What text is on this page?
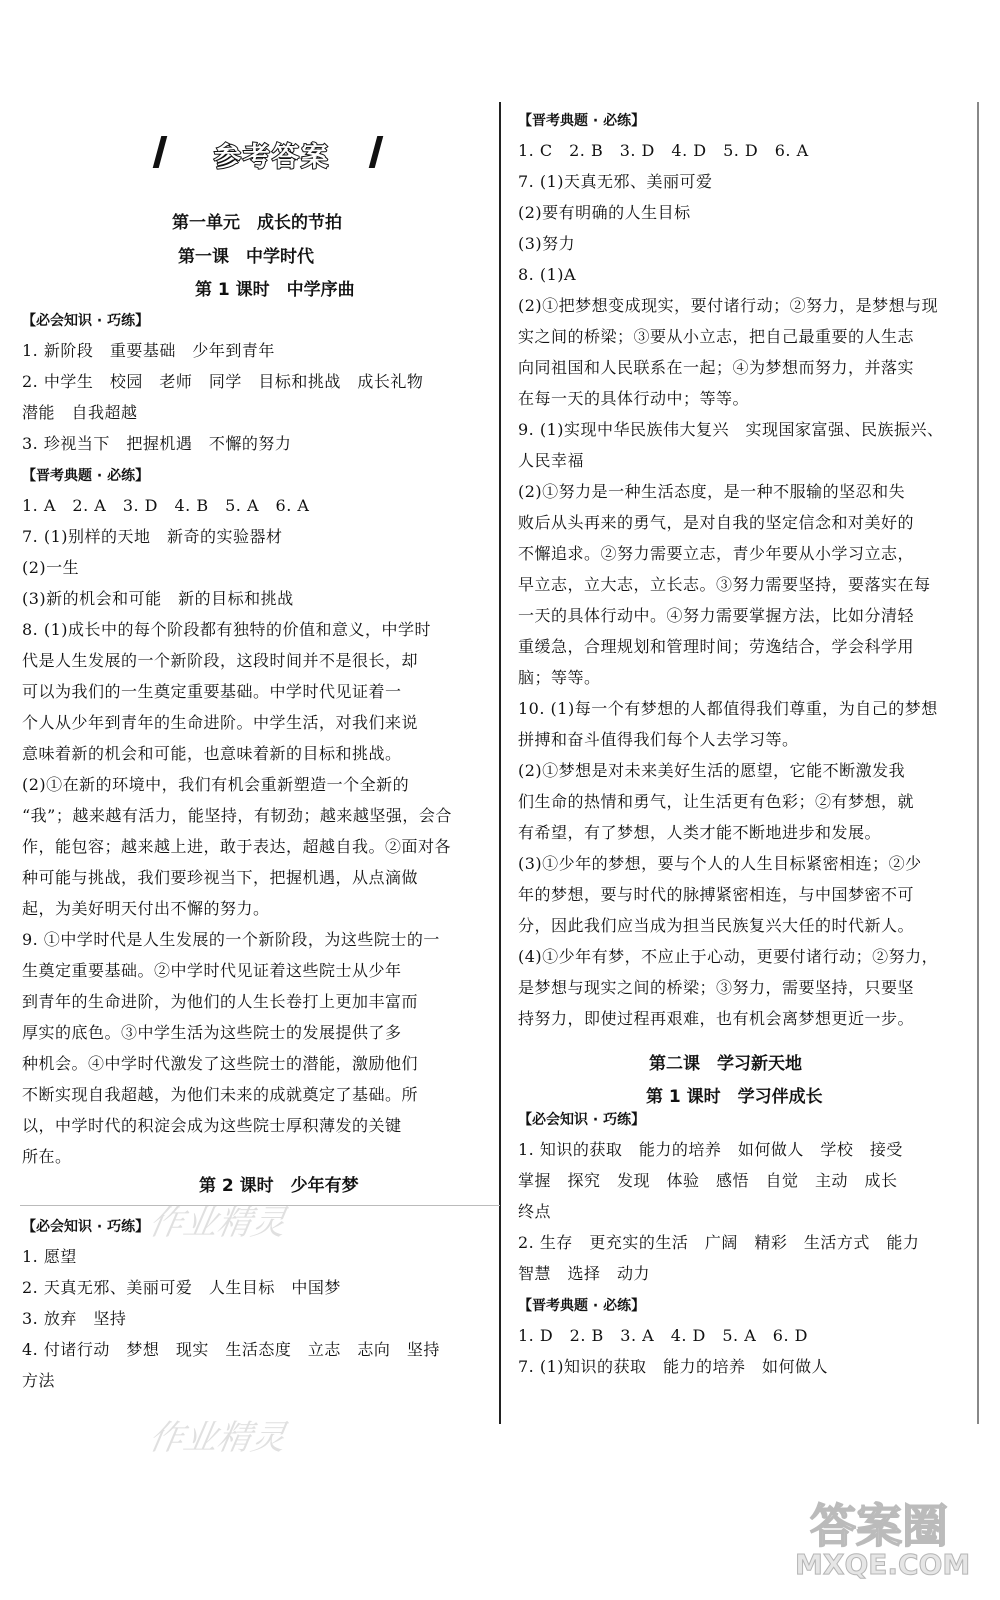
参考答案
第一单元　成长的节拍
第一课　中学时代
第 1 课时　中学序曲
【必会知识 · 巧练】
1. 新阶段　重要基础　少年到青年
2. 中学生　校园　老师　同学　目标和挑战　成长礼物
潜能　自我超越
3. 珍视当下　把握机遇　不懈的努力
【晋考典题 · 必练】
1. A　2. A　3. D　4. B　5. A　6. A
7. (1)别样的天地　新奇的实验器材
(2)一生
(3)新的机会和可能　新的目标和挑战
8. (1)成长中的每个阶段都有独特的价值和意义，中学时
代是人生发展的一个新阶段，这段时间并不是很长，却
可以为我们的一生奠定重要基础。中学时代见证着一
个人从少年到青年的生命进阶。中学生活，对我们来说
意味着新的机会和可能，也意味着新的目标和挑战。
(2)①在新的环境中，我们有机会重新塑造一个全新的
“我”；越来越有活力，能坚持，有韧劲；越来越坚强，会合
作，能包容；越来越上进，敢于表达，超越自我。②面对各
种可能与挑战，我们要珍视当下，把握机遇，从点滴做
起，为美好明天付出不懈的努力。
9. ①中学时代是人生发展的一个新阶段，为这些院士的一
生奠定重要基础。②中学时代见证着这些院士从少年
到青年的生命进阶，为他们的人生长卷打上更加丰富而
厚实的底色。③中学生活为这些院士的发展提供了多
种机会。④中学时代激发了这些院士的潜能，激励他们
不断实现自我超越，为他们未来的成就奠定了基础。所
以，中学时代的积淀会成为这些院士厚积薄发的关键
所在。
第 2 课时　少年有梦
【必会知识 · 巧练】
1. 愿望
2. 天真无邪、美丽可爱　人生目标　中国梦
3. 放弃　坚持
4. 付诸行动　梦想　现实　生活态度　立志　志向　坚持
方法
【晋考典题 · 必练】
1. C　2. B　3. D　4. D　5. D　6. A
7. (1)天真无邪、美丽可爱
(2)要有明确的人生目标
(3)努力
8. (1)A
(2)①把梦想变成现实，要付诸行动；②努力，是梦想与现
实之间的桥梁；③要从小立志，把自己最重要的人生志
向同祖国和人民联系在一起；④为梦想而努力，并落实
在每一天的具体行动中；等等。
9. (1)实现中华民族伟大复兴　实现国家富强、民族振兴、
人民幸福
(2)①努力是一种生活态度，是一种不服输的坚忍和失
败后从头再来的勇气，是对自我的坚定信念和对美好的
不懈追求。②努力需要立志，青少年要从小学习立志，
早立志，立大志，立长志。③努力需要坚持，要落实在每
一天的具体行动中。④努力需要掌握方法，比如分清轻
重缓急，合理规划和管理时间；劳逸结合，学会科学用
脑；等等。
10. (1)每一个有梦想的人都值得我们尊重，为自己的梦想
拼搏和奋斗值得我们每个人去学习等。
(2)①梦想是对未来美好生活的愿望，它能不断激发我
们生命的热情和勇气，让生活更有色彩；②有梦想，就
有希望，有了梦想，人类才能不断地进步和发展。
(3)①少年的梦想，要与个人的人生目标紧密相连；②少
年的梦想，要与时代的脉搏紧密相连，与中国梦密不可
分，因此我们应当成为担当民族复兴大任的时代新人。
(4)①少年有梦，不应止于心动，更要付诸行动；②努力，
是梦想与现实之间的桥梁；③努力，需要坚持，只要坚
持努力，即使过程再艰难，也有机会离梦想更近一步。
第二课　学习新天地
第 1 课时　学习伴成长
【必会知识 · 巧练】
1. 知识的获取　能力的培养　如何做人　学校　接受
掌握　探究　发现　体验　感悟　自觉　主动　成长
终点
2. 生存　更充实的生活　广阔　精彩　生活方式　能力
智慧　选择　动力
【晋考典题 · 必练】
1. D　2. B　3. A　4. D　5. A　6. D
7. (1)知识的获取　能力的培养　如何做人
作业精灵
作业精灵
答案圈
MXQE.COM
